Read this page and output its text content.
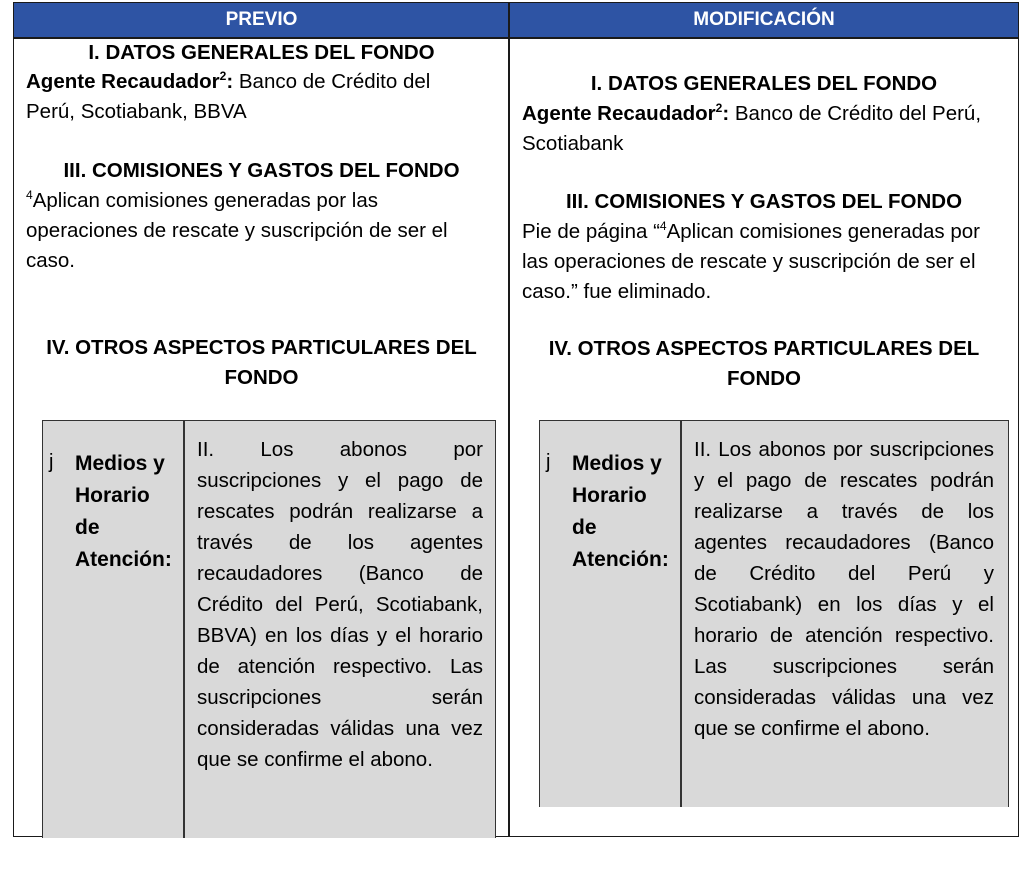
PREVIO	MODIFICACIÓN
I. DATOS GENERALES DEL FONDO
Agente Recaudador$^2$: Banco de Crédito del
Perú, Scotiabank, BBVA
III. COMISIONES Y GASTOS DEL FONDO
$^4$Aplican comisiones generadas por las
operaciones de rescate y suscripción de ser el
caso.
IV. OTROS ASPECTOS PARTICULARES DEL
FONDO
j Medios y
Horario
de
Atención:
II. Los abonos por suscripciones y el pago de rescates podrán realizarse a través de los agentes recaudadores (Banco de Crédito del Perú, Scotiabank, BBVA) en los días y el horario de atención respectivo. Las suscripciones serán consideradas válidas una vez que se confirme el abono.
I. DATOS GENERALES DEL FONDO
Agente Recaudador$^2$: Banco de Crédito del Perú,
Scotiabank
III. COMISIONES Y GASTOS DEL FONDO
Pie de página “$^4$Aplican comisiones generadas por
las operaciones de rescate y suscripción de ser el
caso.” fue eliminado.
IV. OTROS ASPECTOS PARTICULARES DEL
FONDO
j Medios y
Horario
de
Atención:
II. Los abonos por suscripciones y el pago de rescates podrán realizarse a través de los agentes recaudadores (Banco de Crédito del Perú y Scotiabank) en los días y el horario de atención respectivo. Las suscripciones serán consideradas válidas una vez que se confirme el abono.
